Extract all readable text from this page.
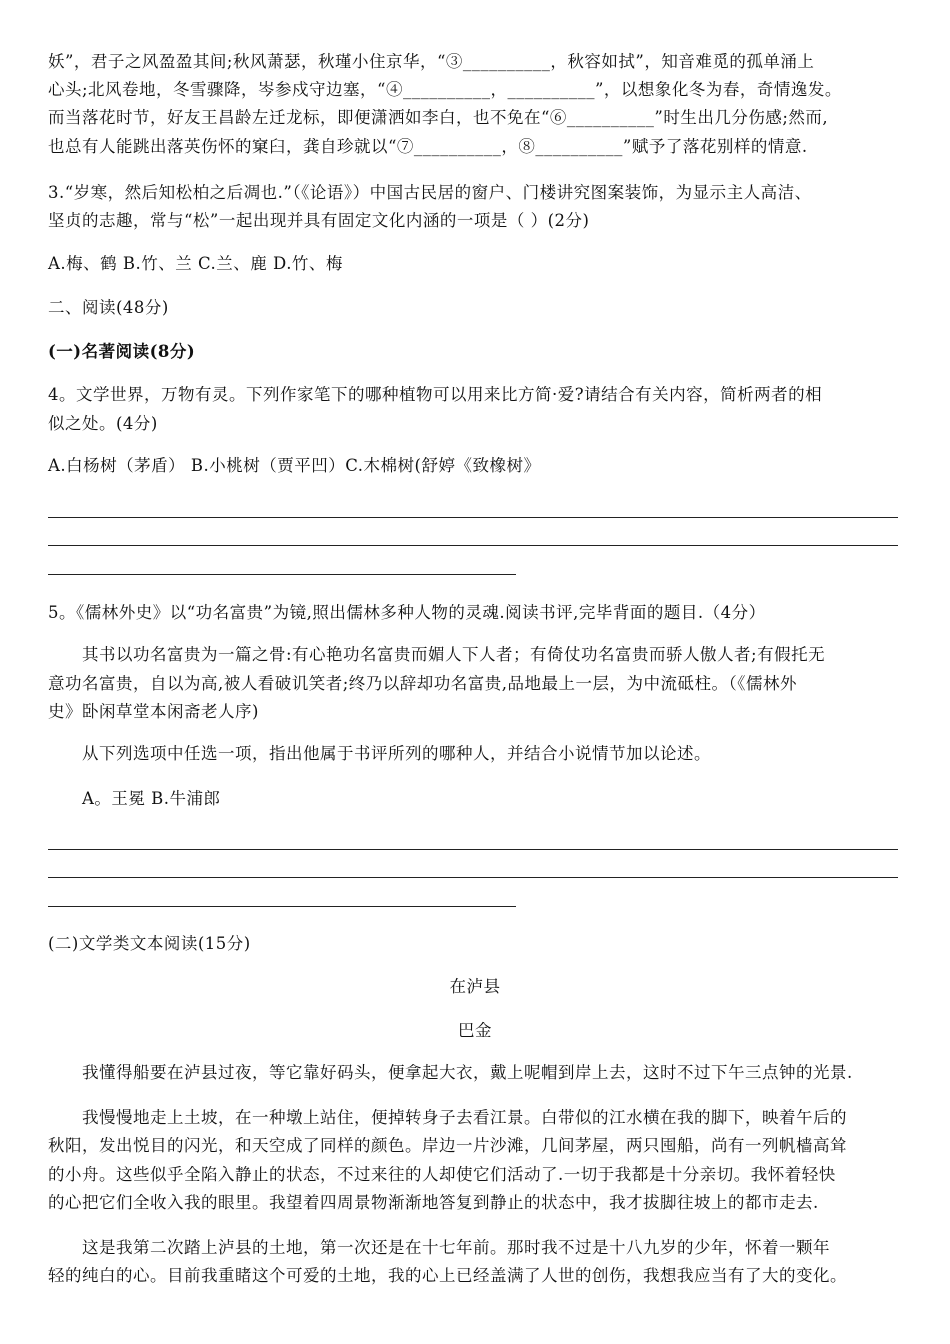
妖”，君子之风盈盈其间;秋风萧瑟，秋瑾小住京华，“③__________，秋容如拭”，知音难觅的孤单涌上
心头;北风卷地，冬雪骤降，岑参戍守边塞，“④__________，__________”，以想象化冬为春，奇情逸发。
而当落花时节，好友王昌龄左迁龙标，即便潇洒如李白，也不免在“⑥__________”时生出几分伤感;然而,
也总有人能跳出落英伤怀的窠臼，龚自珍就以“⑦__________，⑧__________”赋予了落花别样的情意.
3.“岁寒，然后知松柏之后凋也.”（《论语》）中国古民居的窗户、门楼讲究图案装饰，为显示主人高洁、
坚贞的志趣，常与“松”一起出现并具有固定文化内涵的一项是（ ）(2分)
A.梅、鹤 B.竹、兰 C.兰、鹿 D.竹、梅
二、阅读(48分)
(一)名著阅读(8分)
4。文学世界，万物有灵。下列作家笔下的哪种植物可以用来比方简·爱?请结合有关内容，简析两者的相
似之处。(4分)
A.白杨树（茅盾） B.小桃树（贾平凹）C.木棉树(舒婷《致橡树》
5。《儒林外史》以“功名富贵”为镜,照出儒林多种人物的灵魂.阅读书评,完毕背面的题目.（4分）
其书以功名富贵为一篇之骨:有心艳功名富贵而媚人下人者；有倚仗功名富贵而骄人傲人者;有假托无
意功名富贵，自以为高,被人看破讥笑者;终乃以辞却功名富贵,品地最上一层，为中流砥柱。（《儒林外
史》卧闲草堂本闲斋老人序)
从下列选项中任选一项，指出他属于书评所列的哪种人，并结合小说情节加以论述。
A。王冕 B.牛浦郎
(二)文学类文本阅读(15分)
在泸县
巴金
我懂得船要在泸县过夜，等它靠好码头，便拿起大衣，戴上呢帽到岸上去，这时不过下午三点钟的光景.
我慢慢地走上土坡，在一种墩上站住，便掉转身子去看江景。白带似的江水横在我的脚下，映着午后的
秋阳，发出悦目的闪光，和天空成了同样的颜色。岸边一片沙滩，几间茅屋，两只囤船，尚有一列帆樯高耸
的小舟。这些似乎全陷入静止的状态，不过来往的人却使它们活动了.一切于我都是十分亲切。我怀着轻快
的心把它们全收入我的眼里。我望着四周景物渐渐地答复到静止的状态中，我才拔脚往坡上的都市走去.
这是我第二次踏上泸县的土地，第一次还是在十七年前。那时我不过是十八九岁的少年，怀着一颗年
轻的纯白的心。目前我重睹这个可爱的土地，我的心上已经盖满了人世的创伤，我想我应当有了大的变化。
